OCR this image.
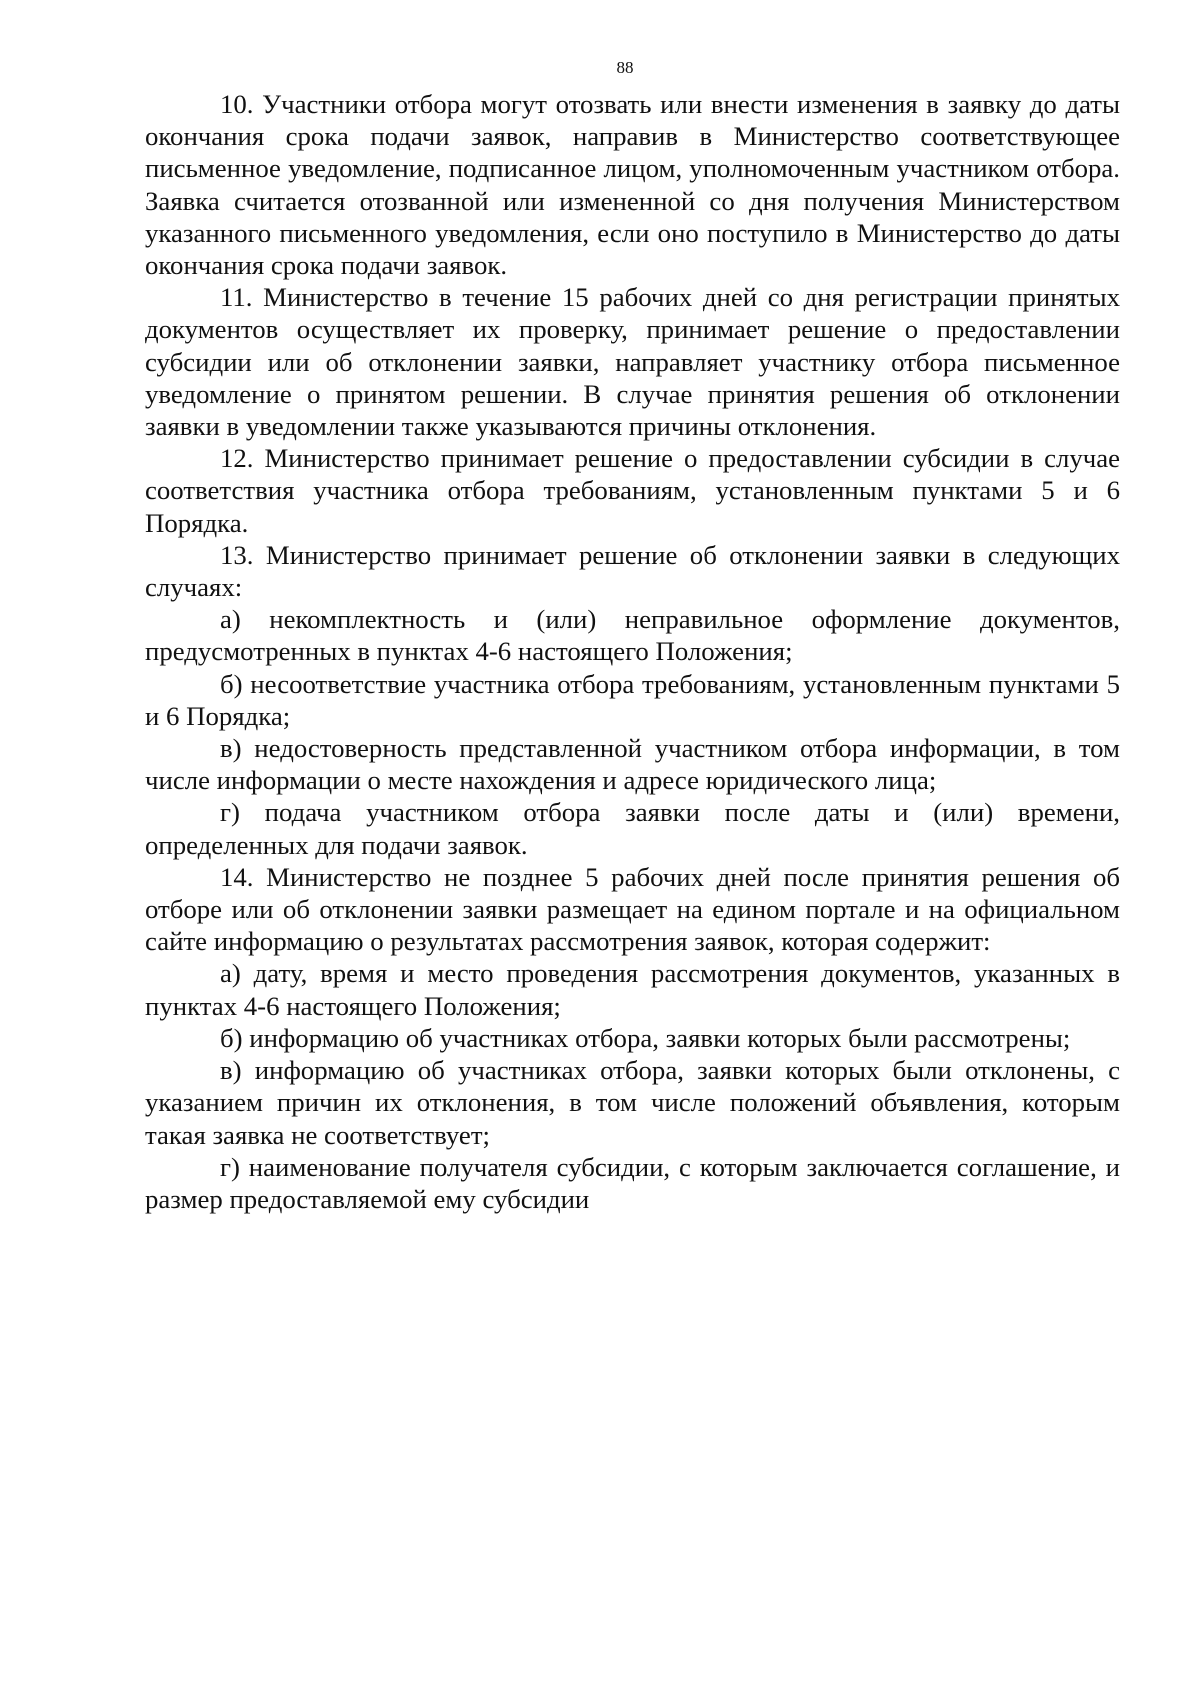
88

10. Участники отбора могут отозвать или внести изменения в заявку до даты окончания срока подачи заявок, направив в Министерство соответствующее письменное уведомление, подписанное лицом, уполномоченным участником отбора. Заявка считается отозванной или измененной со дня получения Министерством указанного письменного уведомления, если оно поступило в Министерство до даты окончания срока подачи заявок.

11. Министерство в течение 15 рабочих дней со дня регистрации принятых документов осуществляет их проверку, принимает решение о предоставлении субсидии или об отклонении заявки, направляет участнику отбора письменное уведомление о принятом решении. В случае принятия решения об отклонении заявки в уведомлении также указываются причины отклонения.

12. Министерство принимает решение о предоставлении субсидии в случае соответствия участника отбора требованиям, установленным пунктами 5 и 6 Порядка.

13. Министерство принимает решение об отклонении заявки в следующих случаях:

а) некомплектность и (или) неправильное оформление документов, предусмотренных в пунктах 4-6 настоящего Положения;

б) несоответствие участника отбора требованиям, установленным пунктами 5 и 6 Порядка;

в) недостоверность представленной участником отбора информации, в том числе информации о месте нахождения и адресе юридического лица;

г) подача участником отбора заявки после даты и (или) времени, определенных для подачи заявок.

14. Министерство не позднее 5 рабочих дней после принятия решения об отборе или об отклонении заявки размещает на едином портале и на официальном сайте информацию о результатах рассмотрения заявок, которая содержит:

а) дату, время и место проведения рассмотрения документов, указанных в пунктах 4-6 настоящего Положения;

б) информацию об участниках отбора, заявки которых были рассмотрены;

в) информацию об участниках отбора, заявки которых были отклонены, с указанием причин их отклонения, в том числе положений объявления, которым такая заявка не соответствует;

г) наименование получателя субсидии, с которым заключается соглашение, и размер предоставляемой ему субсидии
